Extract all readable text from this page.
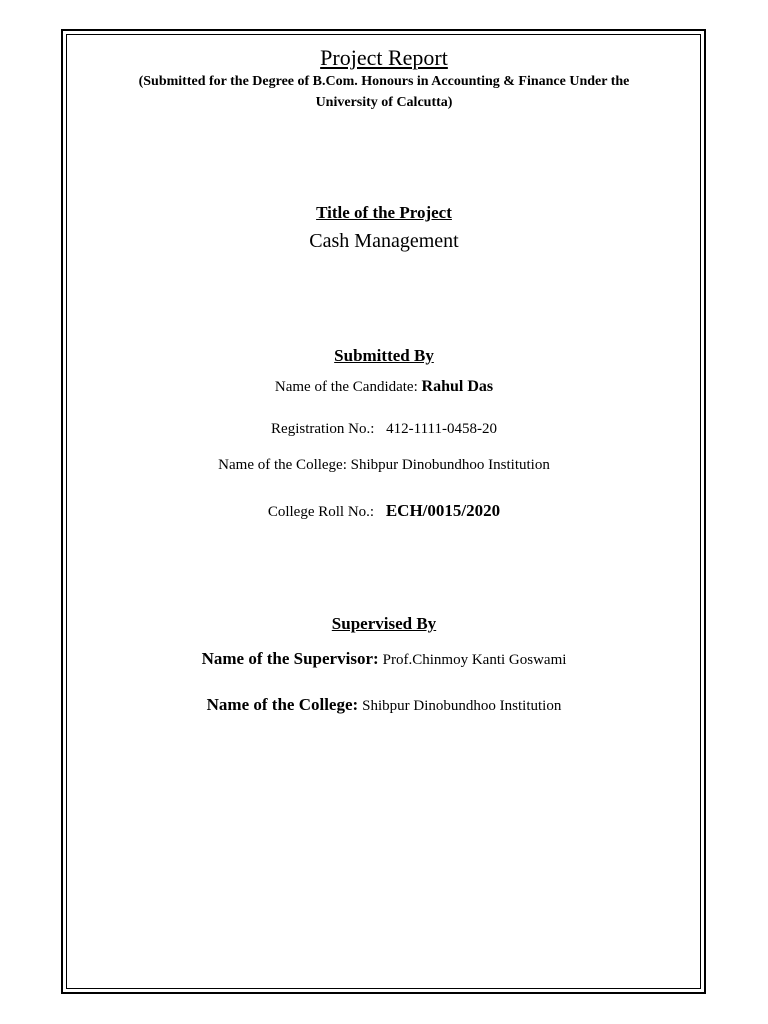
Project Report
(Submitted for the Degree of B.Com. Honours in Accounting & Finance Under the
University of Calcutta)
Title of the Project
Cash Management
Submitted By
Name of the Candidate: Rahul Das
Registration No.: 412-1111-0458-20
Name of the College: Shibpur Dinobundhoo Institution
College Roll No.: ECH/0015/2020
Supervised By
Name of the Supervisor: Prof.Chinmoy Kanti Goswami
Name of the College: Shibpur Dinobundhoo Institution
